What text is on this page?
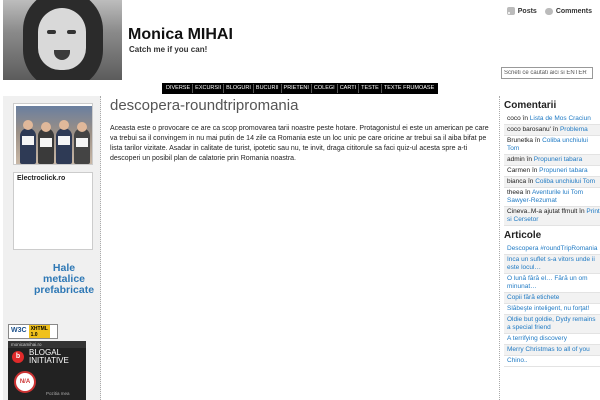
Monica MIHAI
Catch me if you can!
Posts	Comments
Scrieti ce cautati aici si ENTER
DIVERSE EXCURSII BLOGURI BUCURII PRIETENI COLEGI CARTI TESTE TEXTE FRUMOASE
Electroclick.ro
Hale
metalice
prefabricate
W3C XHTML
1.0
monicamihai.ro
b	BLOGAL
INITIATIVE
N/A
Pozitia mea
descopera-roundtripromania

Aceasta este o provocare ce are ca scop promovarea tarii noastre peste hotare. Protagonistul ei este un american pe care va trebui sa il convingem in nu mai putin de 14 zile ca Romania este un loc unic pe care oricine ar trebui sa il aiba bifat pe lista tarilor vizitate. Asadar in calitate de turist, ipotetic sau nu, te invit, draga cititorule sa faci quiz-ul acesta spre a-ti descoperi un posibil plan de calatorie prin Romania noastra.

Comentarii
coco în Lista de Mos Craciun
coco barosanu' în Problema
Brunetka în Coliba unchiului Tom
admin în Propuneri tabara
Carmen în Propuneri tabara
bianca în Coliba unchiului Tom
theea în Aventurile lui Tom Sawyer-Rezumat
Cineva..M-a ajutat ffmult în Print si Cersetor
Articole
Descopera #roundTripRomania
Inca un suflet s-a vitors unde ii este locul…
O lună fără el… Fără un om minunat…
Copii fără etichete
Slăbeşte inteligent, nu forţat!
Oldie but goldie, Dydy remains a special friend
A terrifying discovery
Merry Christmas to all of you
Chino..
